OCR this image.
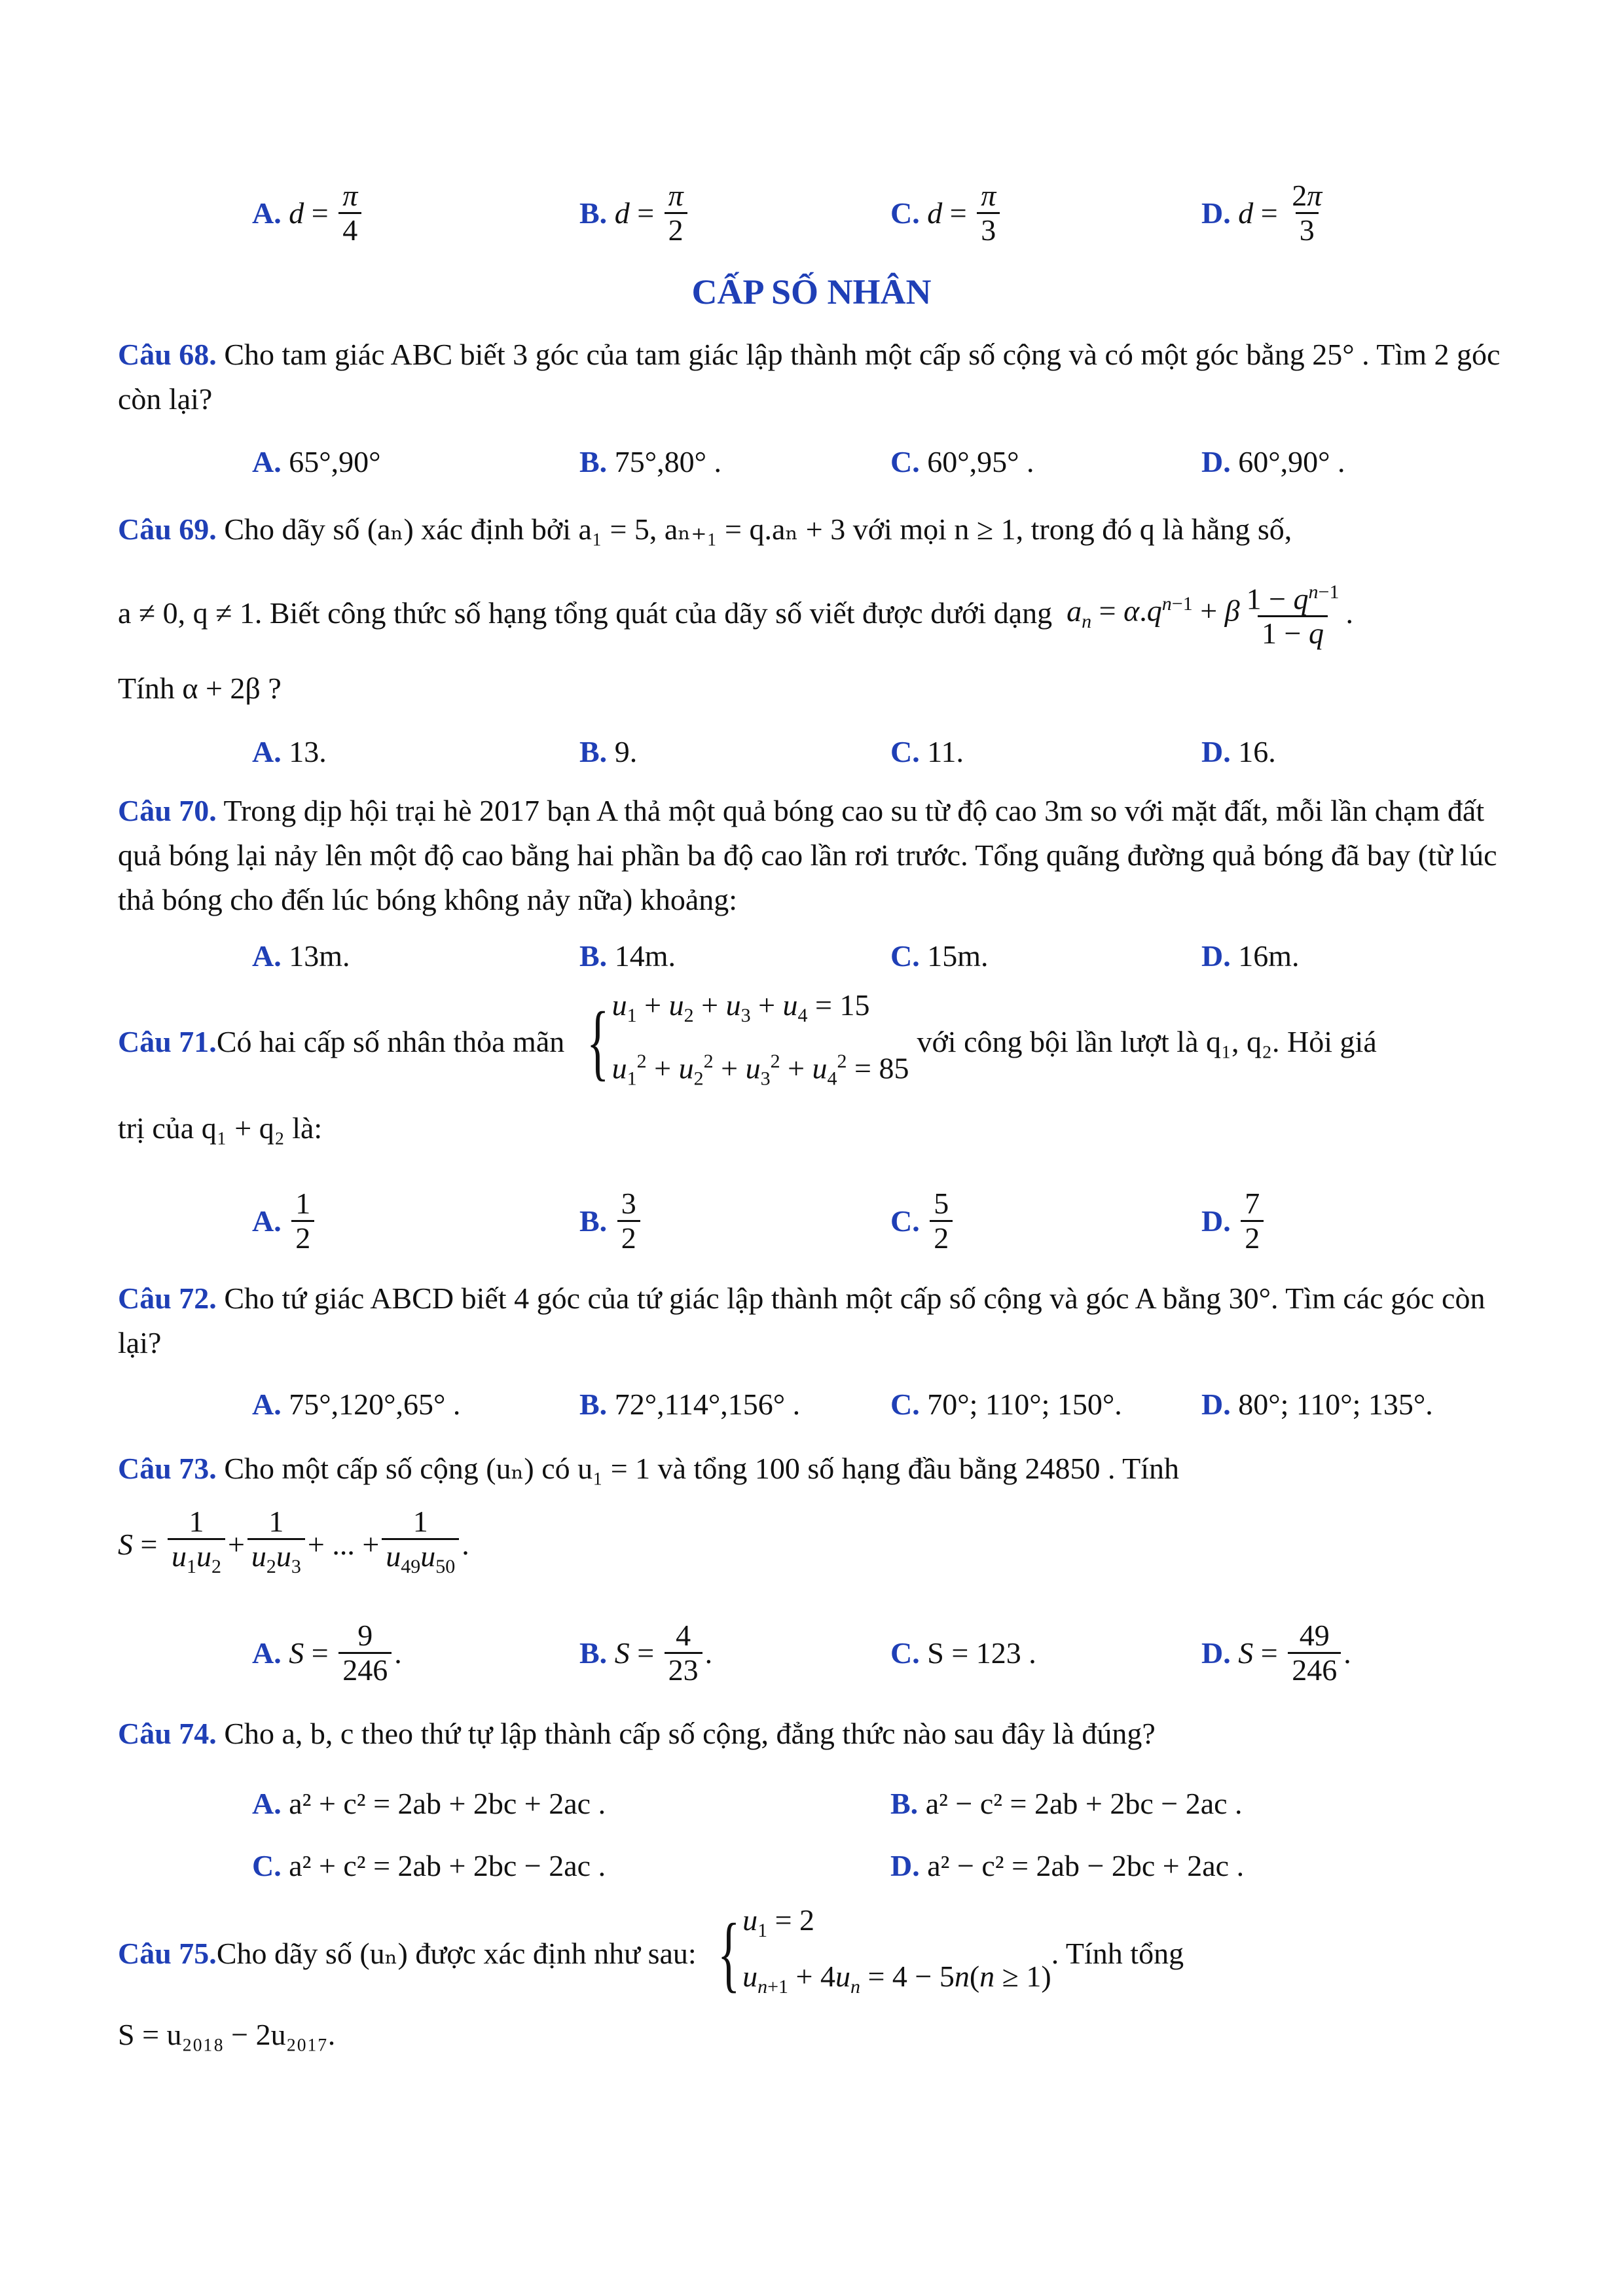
A.
$d = \frac{\pi}{4}$	B.
$d = \frac{\pi}{2}$	C.
$d = \frac{\pi}{3}$	D.
$d = \frac{2\pi}{3}$
CẤP SỐ NHÂN
Câu 68. Cho tam giác ABC biết 3 góc của tam giác lập thành một cấp số cộng và có một góc bằng 25° . Tìm 2 góc còn lại?
A.
65°,90°	B.
75°,80° .	C.
60°,95° .	D.
60°,90° .
Câu 69. Cho dãy số (aₙ) xác định bởi a₁ = 5, aₙ₊₁ = q.aₙ + 3 với mọi n ≥ 1, trong đó q là hằng số,
a ≠ 0, q ≠ 1. Biết công thức số hạng tổng quát của dãy số viết được dưới dạng $a_n = \alpha.q^{n-1} + \beta \frac{1 - q^{n-1}}{1 - q}$ .
Tính α + 2β ?
A.
13.	B.
9.	C.
11.	D.
16.
Câu 70. Trong dịp hội trại hè 2017 bạn A thả một quả bóng cao su từ độ cao 3m so với mặt đất, mỗi lần chạm đất quả bóng lại nảy lên một độ cao bằng hai phần ba độ cao lần rơi trước. Tổng quãng đường quả bóng đã bay (từ lúc thả bóng cho đến lúc bóng không nảy nữa) khoảng:
A.
13m.	B.
14m.	C.
15m.	D.
16m.
Câu 71. Có hai cấp số nhân thỏa mãn { $u_1 + u_2 + u_3 + u_4 = 15$
$u_1^2 + u_2^2 + u_3^2 + u_4^2 = 85$
với công bội lần lượt là q₁, q₂. Hỏi giá
trị của q₁ + q₂ là:
A.
$\frac{1}{2}$	B.
$\frac{3}{2}$	C.
$\frac{5}{2}$	D.
$\frac{7}{2}$
Câu 72. Cho tứ giác ABCD biết 4 góc của tứ giác lập thành một cấp số cộng và góc A bằng 30°. Tìm các góc còn lại?
A.
75°,120°,65° .	B.
72°,114°,156° .	C.
70°; 110°; 150°.	D.
80°; 110°; 135°.
Câu 73. Cho một cấp số cộng (uₙ) có u₁ = 1 và tổng 100 số hạng đầu bằng 24850 . Tính
$S = \frac{1}{u_1u_2} + \frac{1}{u_2u_3}$ + ... + $\frac{1}{u_{49}u_{50}}$ .
A.
$S = \frac{9}{246}$ .	B.
$S = \frac{4}{23}$ .	C.
S = 123 .	D.
$S = \frac{49}{246}$ .
Câu 74. Cho a, b, c theo thứ tự lập thành cấp số cộng, đẳng thức nào sau đây là đúng?
A.
a² + c² = 2ab + 2bc + 2ac .	B.
a² − c² = 2ab + 2bc − 2ac .
C.
a² + c² = 2ab + 2bc − 2ac .	D.
a² − c² = 2ab − 2bc + 2ac .
Câu 75. Cho dãy số (uₙ) được xác định như sau: { $u_1 = 2$
$u_{n+1} + 4u_n = 4 - 5n(n \ge 1)$
. Tính tổng
S = u₂₀₁₈ − 2u₂₀₁₇.
